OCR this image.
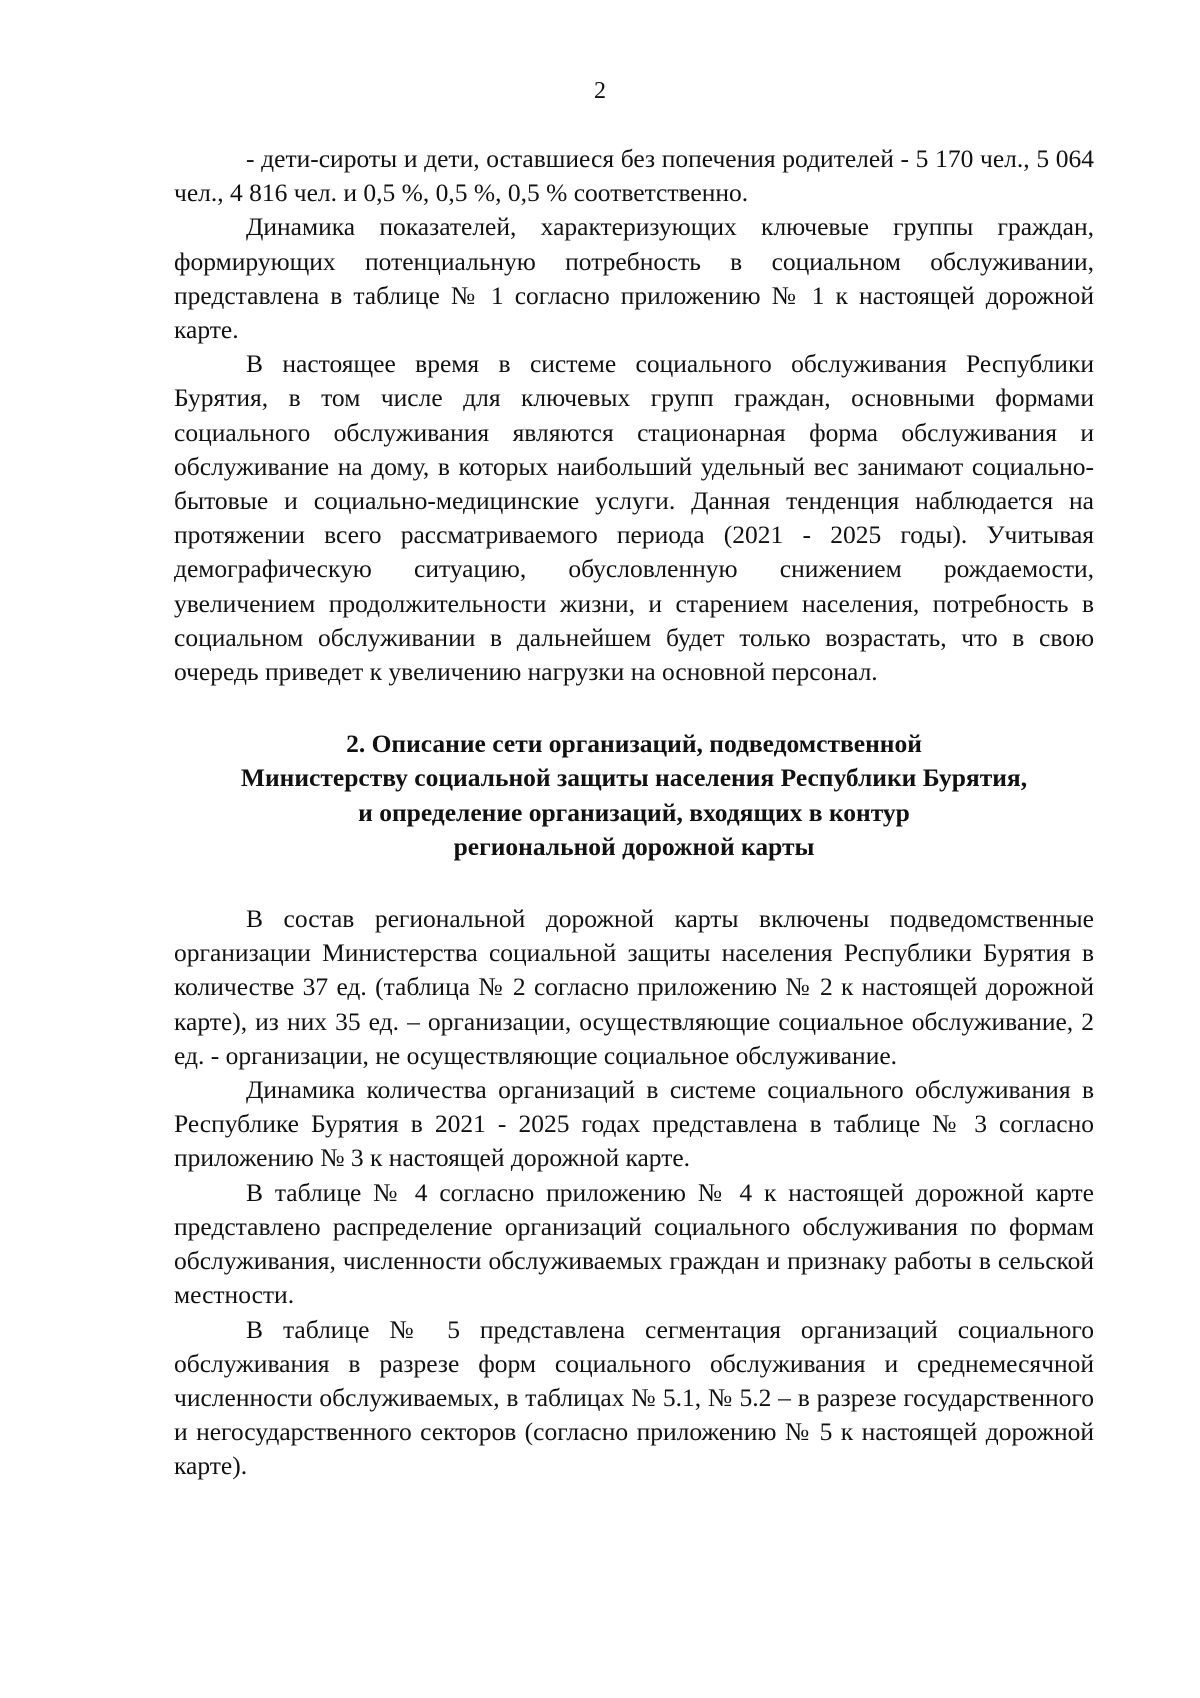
2

- дети-сироты и дети, оставшиеся без попечения родителей - 5 170 чел., 5 064 чел., 4 816 чел. и 0,5 %, 0,5 %, 0,5 % соответственно.

Динамика показателей, характеризующих ключевые группы граждан, формирующих потенциальную потребность в социальном обслуживании, представлена в таблице № 1 согласно приложению № 1 к настоящей дорожной карте.

В настоящее время в системе социального обслуживания Республики Бурятия, в том числе для ключевых групп граждан, основными формами социального обслуживания являются стационарная форма обслуживания и обслуживание на дому, в которых наибольший удельный вес занимают социально-бытовые и социально-медицинские услуги. Данная тенденция наблюдается на протяжении всего рассматриваемого периода (2021 - 2025 годы). Учитывая демографическую ситуацию, обусловленную снижением рождаемости, увеличением продолжительности жизни, и старением населения, потребность в социальном обслуживании в дальнейшем будет только возрастать, что в свою очередь приведет к увеличению нагрузки на основной персонал.

2. Описание сети организаций, подведомственной
Министерству социальной защиты населения Республики Бурятия,
и определение организаций, входящих в контур
региональной дорожной карты

В состав региональной дорожной карты включены подведомственные организации Министерства социальной защиты населения Республики Бурятия в количестве 37 ед. (таблица № 2 согласно приложению № 2 к настоящей дорожной карте), из них 35 ед. – организации, осуществляющие социальное обслуживание, 2 ед. - организации, не осуществляющие социальное обслуживание.

Динамика количества организаций в системе социального обслуживания в Республике Бурятия в 2021 - 2025 годах представлена в таблице № 3 согласно приложению № 3 к настоящей дорожной карте.

В таблице № 4 согласно приложению № 4 к настоящей дорожной карте представлено распределение организаций социального обслуживания по формам обслуживания, численности обслуживаемых граждан и признаку работы в сельской местности.

В таблице № 5 представлена сегментация организаций социального обслуживания в разрезе форм социального обслуживания и среднемесячной численности обслуживаемых, в таблицах № 5.1, № 5.2 – в разрезе государственного и негосударственного секторов (согласно приложению № 5 к настоящей дорожной карте).
